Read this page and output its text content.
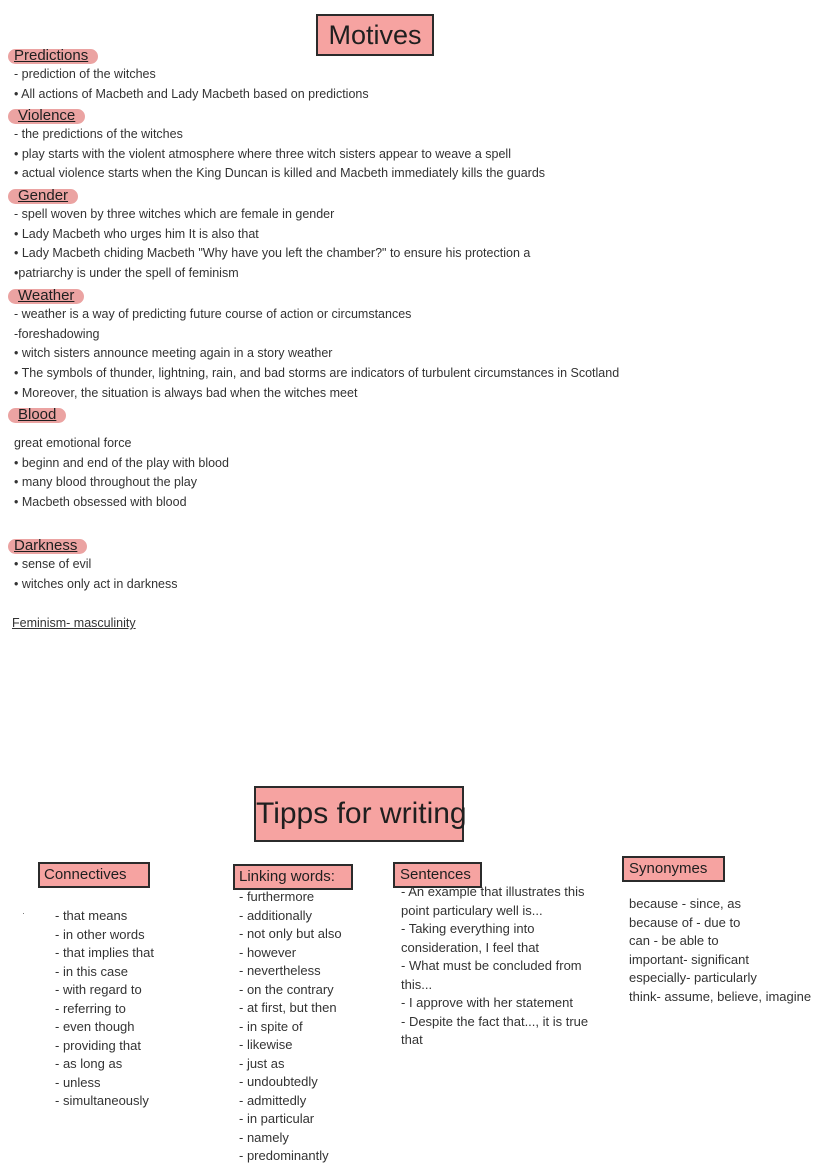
Motives
Predictions
- prediction of the witches
• All actions of Macbeth and Lady Macbeth based on predictions
Violence
- the predictions of the witches
• play starts with the violent atmosphere where three witch sisters appear to weave a spell
• actual violence starts when the King Duncan is killed and Macbeth immediately kills the guards
Gender
- spell woven by three witches which are female in gender
• Lady Macbeth who urges him It is also that
• Lady Macbeth chiding Macbeth "Why have you left the chamber?" to ensure his protection a
•patriarchy is under the spell of feminism
Weather
- weather is a way of predicting future course of action or circumstances
-foreshadowing
• witch sisters announce meeting again in a story weather
• The symbols of thunder, lightning, rain, and bad storms are indicators of turbulent circumstances in Scotland
• Moreover, the situation is always bad when the witches meet
Blood
great emotional force
• beginn and end of the play with blood
• many blood throughout the play
• Macbeth obsessed with blood
Darkness
• sense of evil
• witches only act in darkness
Feminism- masculinity
Tipps for writing
·
Connectives
- that means
- in other words
- that implies that
- in this case
- with regard to
- referring to
- even though
- providing that
- as long as
- unless
- simultaneously
Linking words:
- furthermore
- additionally
- not only but also
- however
- nevertheless
- on the contrary
- at first, but then
- in spite of
- likewise
- just as
- undoubtedly
- admittedly
- in particular
- namely
- predominantly
Sentences
- An example that illustrates this
point particulary well is...
- Taking everything into
consideration, I feel that
- What must be concluded from
this...
- I approve with her statement
- Despite the fact that..., it is true
that
Synonymes
because - since, as
because of - due to
can - be able to
important- significant
especially- particularly
think- assume, believe, imagine
